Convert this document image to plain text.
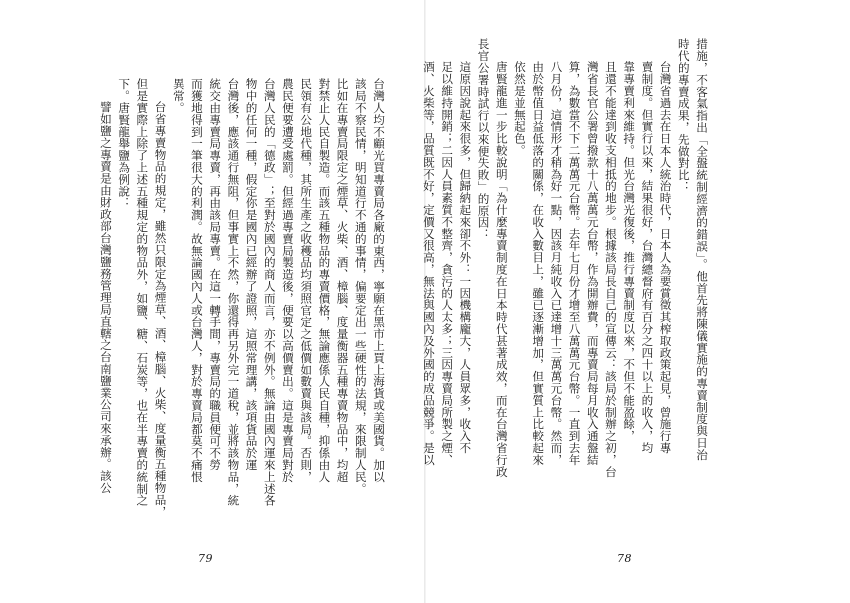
台灣人均不顧光買專賣局各廠的東西，寧願在黑市上買上海貨或美國貨。加以
該局不察民情，明知道行不通的事情，偏要定出一些硬性的法規，來限制人民。
比如在專賣局限定之煙草、火柴、酒、樟腦、度量衡器五種專賣物品中，均超
對禁止人民自製造。而該五種物品的專賣價格，無論應係人民自種，抑係由人
民領有公地代種，其所生產之收穫品均須照官定之低價如數賣與該局。否則，
農民便要遭受處罰。但經過專賣局製造後，便要以高價賣出。這是專賣局對於
台灣人民的「德政」；至對於國內的商人而言，亦不例外。無論由國內運來上述各
物中的任何一種，假定你是國內已經辦了證照，這照常理講，該項貨品於運
台灣後，應該通行無阻，但事實上不然，你還得再另外完一道稅，並將該物品，統
統交由專賣局專賣，再由該局專賣。在這一轉手間，專賣局的職員便可不勞
而獲地得到一筆很大的利潤。故無論國內人或台灣人，對於專賣局都莫不痛恨
異常。
台省專賣物品的規定，雖然只限定為煙草、酒、樟腦、火柴、度量衡五種物品，
但是實際上除了上述五種規定的物品外，如鹽、糖、石炭等，也在半專賣的統制之
下。唐賢龍舉鹽為例說：
譬如鹽之專賣是由財政部台灣鹽務管理局直轄之台南鹽業公司來承辦。該公
79
措施，不客氣指出「全盤統制經濟的錯誤」。他首先將陳儀實施的專賣制度與日治
時代的專賣成果，先做對比：
台灣省過去在日本人統治時代，日本人為要賞徵其榨取政策起見，曾施行專
賣制度。但實行以來，結果很好，台灣總督府有百分之四十以上的收入，均
靠專賣利來維持。但光台灣光復後，推行專賣制度以來，不但不能盈餘，
且還不能達到收支相抵的地步。根據該局長自己的宣傳云：該局於制辦之初，台
灣省長官公署曾撥款十八萬萬元台幣，作為開辦費，而專賣局每月收入通盤結
算，為數當不下二萬萬元台幣。去年七月份才增至八萬萬元台幣。一直到去年
八月份，這情形才稍為好一點，因該月純收入已達增十三萬萬元台幣。然而，
由於幣值日益低落的關係，在收入數目上，雖已逐漸增加，但實質上比較起來
依然是並無起色。
唐賢龍進一步比較說明「為什麼專賣制度在日本時代甚著成效，而在台灣省行政
長官公署時試行以來便失敗」的原因：
這原因說起來很多，但歸納起來卻不外：一因機構龐大，人員眾多，收入不
足以維持開銷；二因人員素質不整齊，貪污的人太多；三因專賣局所製之煙、
酒、火柴等，品質既不好，定價又很高，無法與國內及外國的成品競爭。是以
78
